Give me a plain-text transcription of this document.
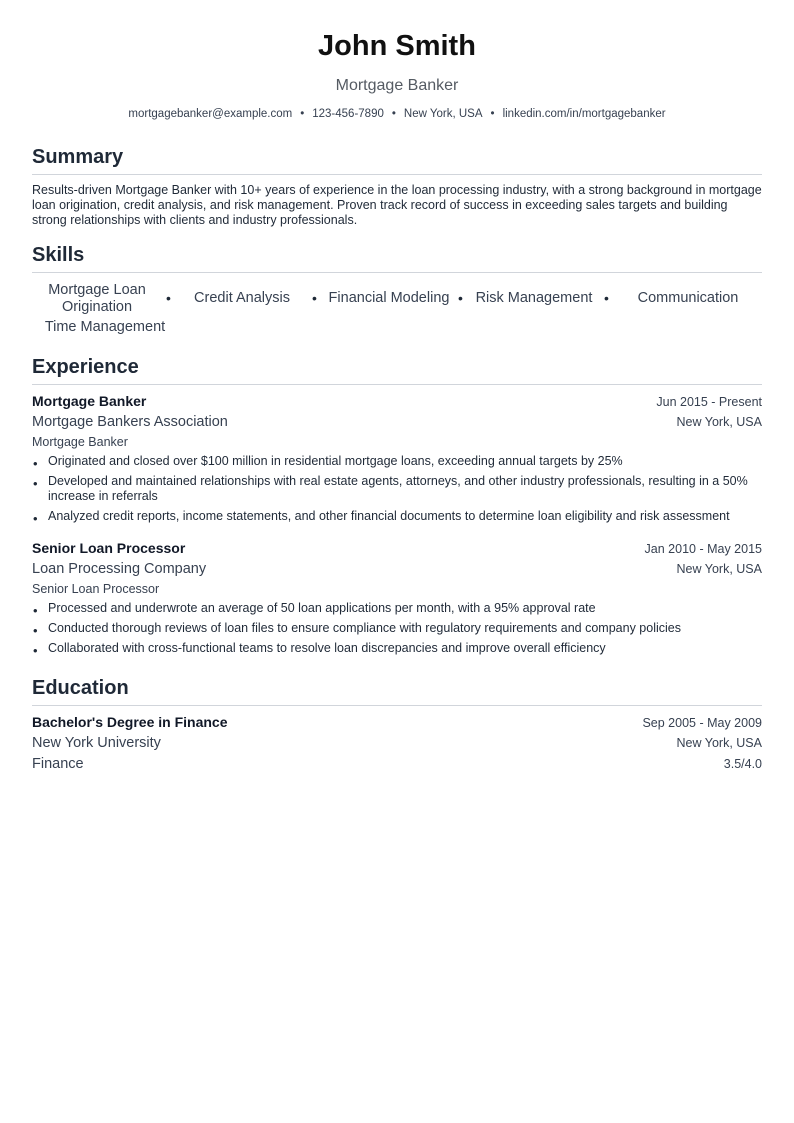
John Smith
Mortgage Banker
mortgagebanker@example.com • 123-456-7890 • New York, USA • linkedin.com/in/mortgagebanker
Summary
Results-driven Mortgage Banker with 10+ years of experience in the loan processing industry, with a strong background in mortgage loan origination, credit analysis, and risk management. Proven track record of success in exceeding sales targets and building strong relationships with clients and industry professionals.
Skills
Mortgage Loan Origination
•	Credit Analysis	• Financial Modeling • Risk Management •	Communication
Time Management
Experience
Mortgage Banker	Jun 2015 - Present
Mortgage Bankers Association	New York, USA
Mortgage Banker
• Originated and closed over $100 million in residential mortgage loans, exceeding annual targets by 25%
• Developed and maintained relationships with real estate agents, attorneys, and other industry professionals, resulting in a 50% increase in referrals
• Analyzed credit reports, income statements, and other financial documents to determine loan eligibility and risk assessment
Senior Loan Processor	Jan 2010 - May 2015
Loan Processing Company	New York, USA
Senior Loan Processor
• Processed and underwrote an average of 50 loan applications per month, with a 95% approval rate
• Conducted thorough reviews of loan files to ensure compliance with regulatory requirements and company policies
• Collaborated with cross-functional teams to resolve loan discrepancies and improve overall efficiency
Education
Bachelor's Degree in Finance	Sep 2005 - May 2009
New York University	New York, USA
Finance	3.5/4.0
